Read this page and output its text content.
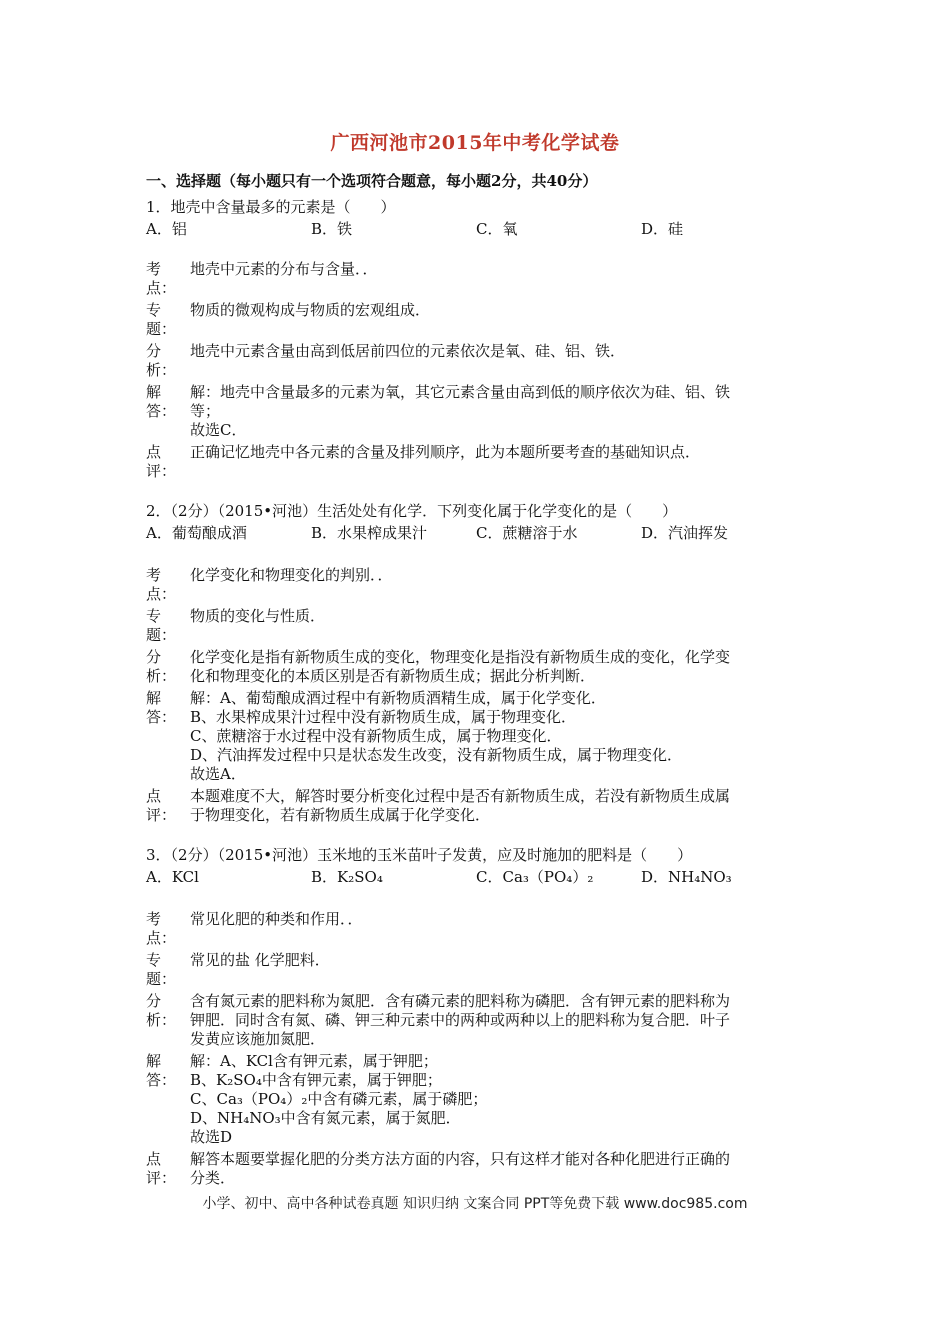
广西河池市2015年中考化学试卷
一、选择题（每小题只有一个选项符合题意，每小题2分，共40分）
1．地壳中含量最多的元素是（　　）
A．铝	B．铁	C．氧	D．硅
考
点：
地壳中元素的分布与含量．．
专
题：
物质的微观构成与物质的宏观组成．
分
析：
地壳中元素含量由高到低居前四位的元素依次是氧、硅、铝、铁．
解
答：
解：地壳中含量最多的元素为氧，其它元素含量由高到低的顺序依次为硅、铝、铁
等；
故选C．
点
评：
正确记忆地壳中各元素的含量及排列顺序，此为本题所要考查的基础知识点．
2．（2分）（2015•河池）生活处处有化学．下列变化属于化学变化的是（　　）
A．葡萄酿成酒	B．水果榨成果汁	C．蔗糖溶于水	D．汽油挥发
考
点：
化学变化和物理变化的判别．．
专
题：
物质的变化与性质．
分
析：
化学变化是指有新物质生成的变化，物理变化是指没有新物质生成的变化，化学变
化和物理变化的本质区别是否有新物质生成；据此分析判断．
解
答：
解：A、葡萄酿成酒过程中有新物质酒精生成，属于化学变化．
B、水果榨成果汁过程中没有新物质生成，属于物理变化．
C、蔗糖溶于水过程中没有新物质生成，属于物理变化．
D、汽油挥发过程中只是状态发生改变，没有新物质生成，属于物理变化．
故选A．
点
评：
本题难度不大，解答时要分析变化过程中是否有新物质生成，若没有新物质生成属
于物理变化，若有新物质生成属于化学变化．
3．（2分）（2015•河池）玉米地的玉米苗叶子发黄，应及时施加的肥料是（　　）
A．KCl	B．K₂SO₄	C．Ca₃（PO₄）₂	D．NH₄NO₃
考
点：
常见化肥的种类和作用．．
专
题：
常见的盐 化学肥料．
分
析：
含有氮元素的肥料称为氮肥．含有磷元素的肥料称为磷肥．含有钾元素的肥料称为
钾肥．同时含有氮、磷、钾三种元素中的两种或两种以上的肥料称为复合肥．叶子
发黄应该施加氮肥．
解
答：
解：A、KCl含有钾元素，属于钾肥；
B、K₂SO₄中含有钾元素，属于钾肥；
C、Ca₃（PO₄）₂中含有磷元素，属于磷肥；
D、NH₄NO₃中含有氮元素，属于氮肥．
故选D
点
评：
解答本题要掌握化肥的分类方法方面的内容，只有这样才能对各种化肥进行正确的
分类．
小学、初中、高中各种试卷真题 知识归纳 文案合同 PPT等免费下载 www.doc985.com
